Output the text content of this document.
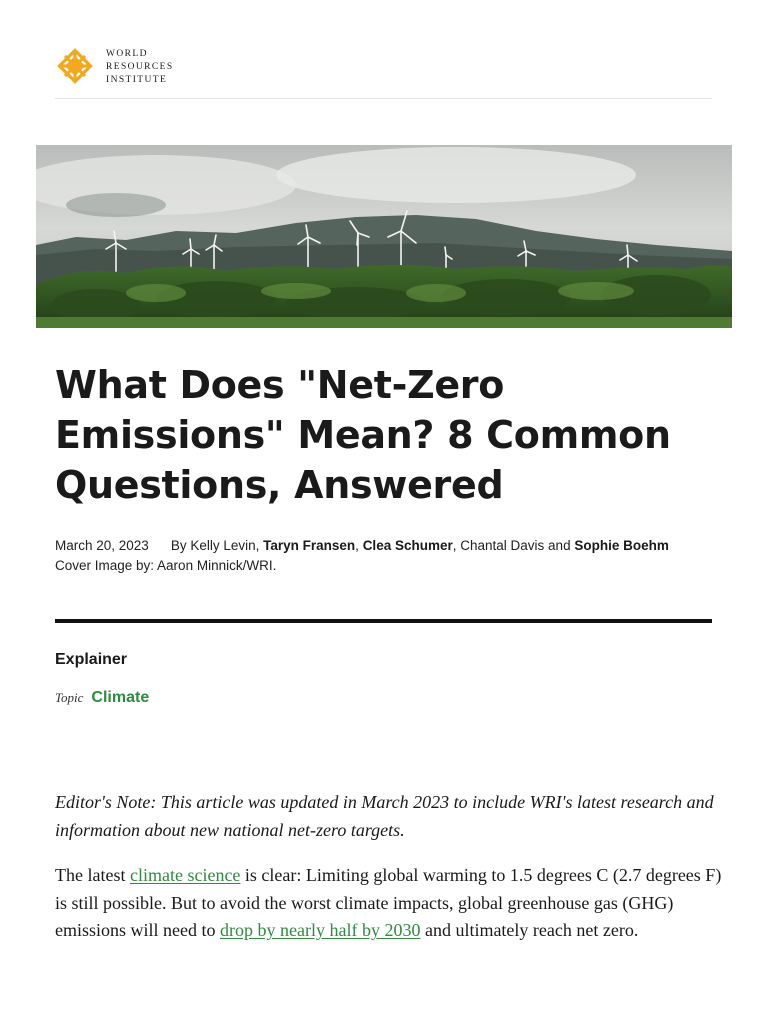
WORLD
RESOURCES
INSTITUTE
What Does "Net-Zero Emissions" Mean? 8 Common Questions, Answered
March 20, 2023 By Kelly Levin, Taryn Fransen, Clea Schumer, Chantal Davis and Sophie Boehm
Cover Image by: Aaron Minnick/WRI.
Explainer
Topic Climate

Editor's Note: This article was updated in March 2023 to include WRI's latest research and information about new national net-zero targets.

The latest climate science is clear: Limiting global warming to 1.5 degrees C (2.7 degrees F) is still possible. But to avoid the worst climate impacts, global greenhouse gas (GHG) emissions will need to drop by nearly half by 2030 and ultimately reach net zero.
